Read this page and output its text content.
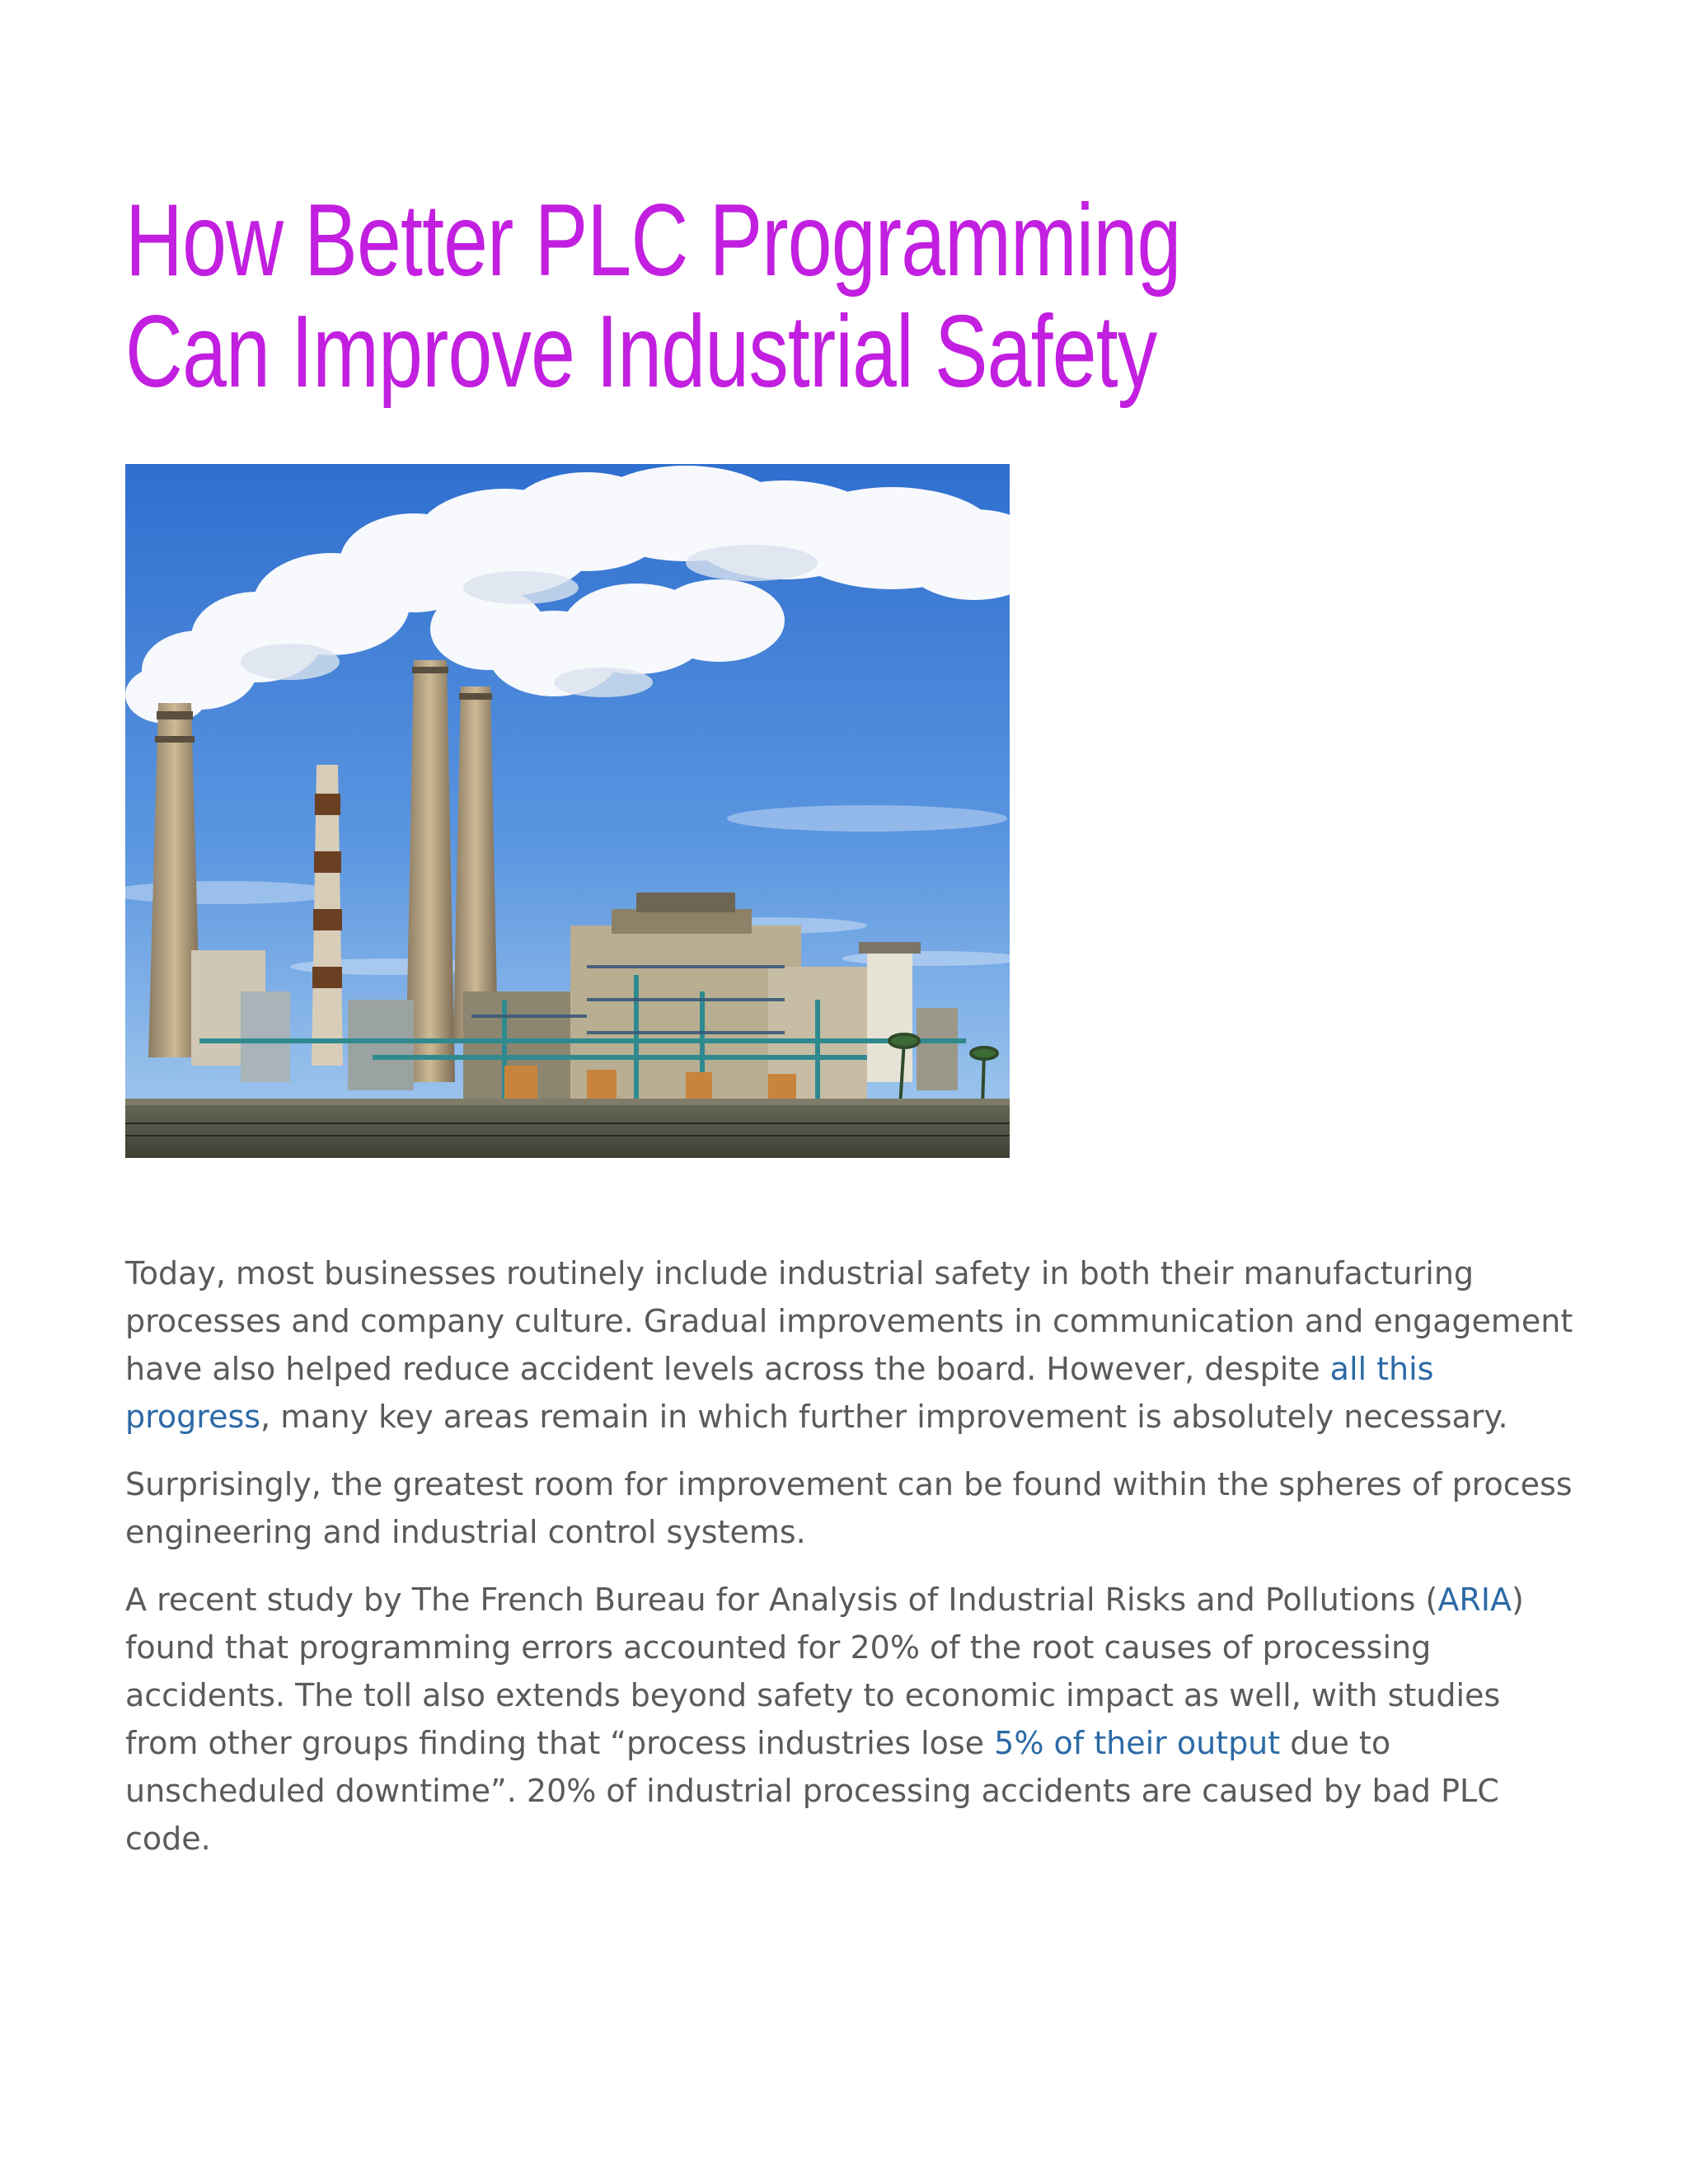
How Better PLC Programming
Can Improve Industrial Safety

Today, most businesses routinely include industrial safety in both their manufacturing processes and company culture. Gradual improvements in communication and engagement have also helped reduce accident levels across the board. However, despite all this progress, many key areas remain in which further improvement is absolutely necessary.

Surprisingly, the greatest room for improvement can be found within the spheres of process engineering and industrial control systems.

A recent study by The French Bureau for Analysis of Industrial Risks and Pollutions (ARIA) found that programming errors accounted for 20% of the root causes of processing accidents. The toll also extends beyond safety to economic impact as well, with studies from other groups finding that “process industries lose 5% of their output due to unscheduled downtime”. 20% of industrial processing accidents are caused by bad PLC code.
